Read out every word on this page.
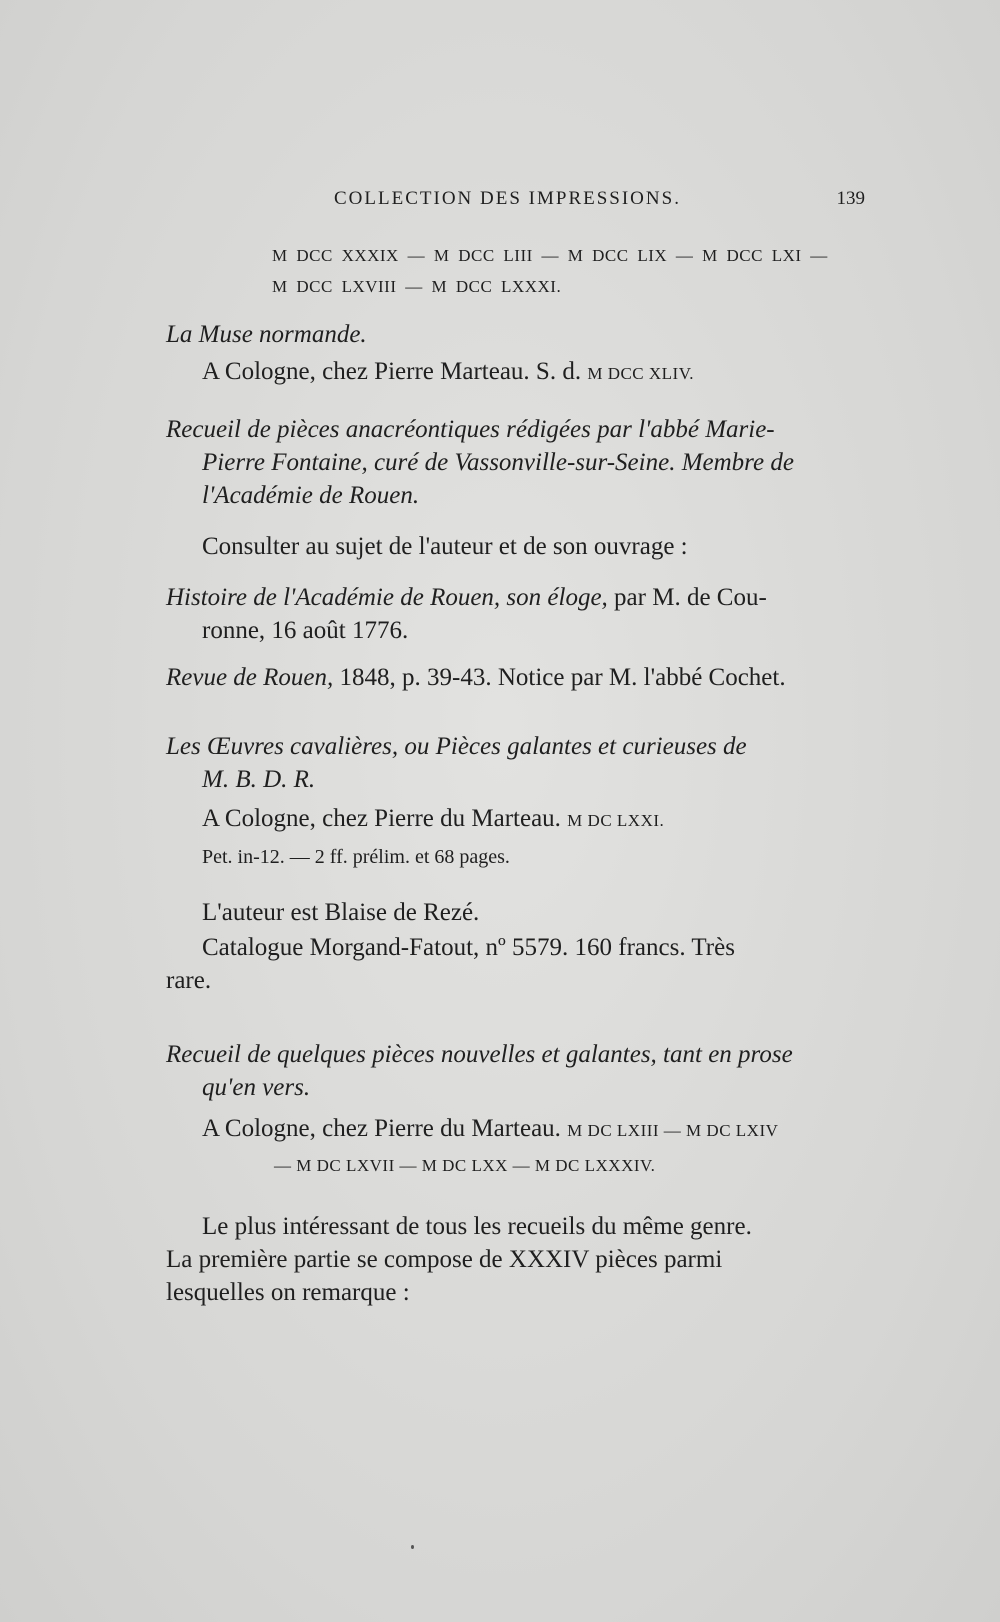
COLLECTION DES IMPRESSIONS.	139
M DCC XXXIX — M DCC LIII — M DCC LIX — M DCC LXI —
M DCC LXVIII — M DCC LXXXI.
La Muse normande.
A Cologne, chez Pierre Marteau. S. d. M DCC XLIV.
Recueil de pièces anacréontiques rédigées par l'abbé Marie-
Pierre Fontaine, curé de Vassonville-sur-Seine. Membre de
l'Académie de Rouen.
Consulter au sujet de l'auteur et de son ouvrage :
Histoire de l'Académie de Rouen, son éloge, par M. de Cou-
ronne, 16 août 1776.
Revue de Rouen, 1848, p. 39-43. Notice par M. l'abbé Cochet.
Les Œuvres cavalières, ou Pièces galantes et curieuses de
M. B. D. R.
A Cologne, chez Pierre du Marteau. M DC LXXI.
Pet. in-12. — 2 ff. prélim. et 68 pages.
L'auteur est Blaise de Rezé.
Catalogue Morgand-Fatout, nº 5579. 160 francs. Très
rare.
Recueil de quelques pièces nouvelles et galantes, tant en prose
qu'en vers.
A Cologne, chez Pierre du Marteau. M DC LXIII — M DC LXIV
— M DC LXVII — M DC LXX — M DC LXXXIV.
Le plus intéressant de tous les recueils du même genre.
La première partie se compose de XXXIV pièces parmi
lesquelles on remarque :
